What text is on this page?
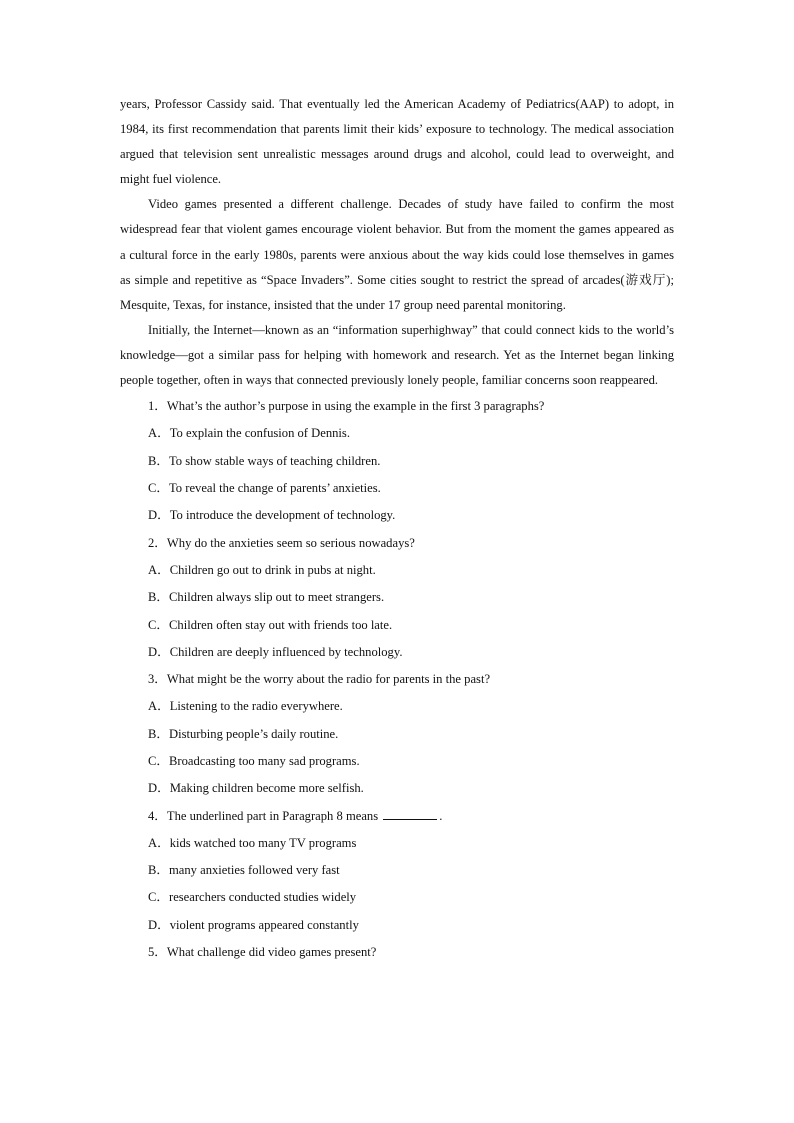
years, Professor Cassidy said. That eventually led the American Academy of Pediatrics(AAP) to adopt, in 1984, its first recommendation that parents limit their kids’ exposure to technology. The medical association argued that television sent unrealistic messages around drugs and alcohol, could lead to overweight, and might fuel violence.

Video games presented a different challenge. Decades of study have failed to confirm the most widespread fear that violent games encourage violent behavior. But from the moment the games appeared as a cultural force in the early 1980s, parents were anxious about the way kids could lose themselves in games as simple and repetitive as “Space Invaders”. Some cities sought to restrict the spread of arcades(游戏厅); Mesquite, Texas, for instance, insisted that the under 17 group need parental monitoring.

Initially, the Internet—known as an “information superhighway” that could connect kids to the world’s knowledge—got a similar pass for helping with homework and research. Yet as the Internet began linking people together, often in ways that connected previously lonely people, familiar concerns soon reappeared.

1．What’s the author’s purpose in using the example in the first 3 paragraphs?

A．To explain the confusion of Dennis.

B．To show stable ways of teaching children.

C．To reveal the change of parents’ anxieties.

D．To introduce the development of technology.

2．Why do the anxieties seem so serious nowadays?

A．Children go out to drink in pubs at night.

B．Children always slip out to meet strangers.

C．Children often stay out with friends too late.

D．Children are deeply influenced by technology.

3．What might be the worry about the radio for parents in the past?

A．Listening to the radio everywhere.

B．Disturbing people’s daily routine.

C．Broadcasting too many sad programs.

D．Making children become more selfish.

4．The underlined part in Paragraph 8 means	.

A．kids watched too many TV programs

B．many anxieties followed very fast

C．researchers conducted studies widely

D．violent programs appeared constantly

5．What challenge did video games present?
